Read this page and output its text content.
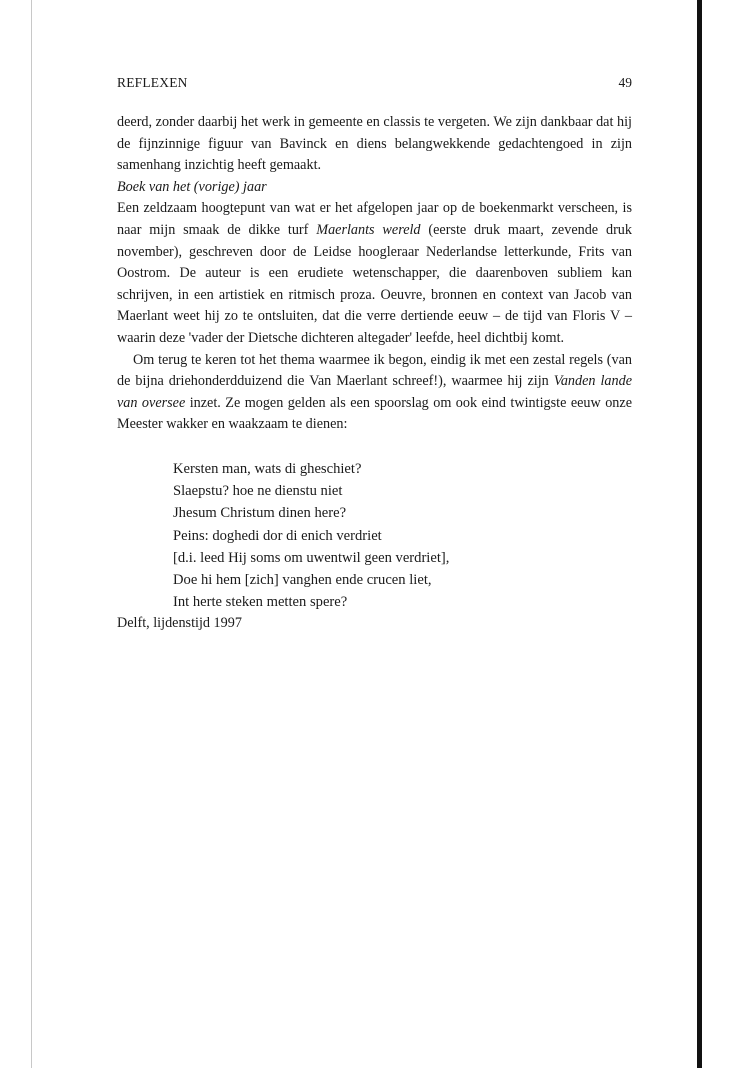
REFLEXEN	49

deerd, zonder daarbij het werk in gemeente en classis te vergeten. We zijn dankbaar dat hij de fijnzinnige figuur van Bavinck en diens belangwekkende gedachtengoed in zijn samenhang inzichtig heeft gemaakt.

Boek van het (vorige) jaar

Een zeldzaam hoogtepunt van wat er het afgelopen jaar op de boekenmarkt verscheen, is naar mijn smaak de dikke turf Maerlants wereld (eerste druk maart, zevende druk november), geschreven door de Leidse hoogleraar Nederlandse letterkunde, Frits van Oostrom. De auteur is een erudiete wetenschapper, die daarenboven subliem kan schrijven, in een artistiek en ritmisch proza. Oeuvre, bronnen en context van Jacob van Maerlant weet hij zo te ontsluiten, dat die verre dertiende eeuw – de tijd van Floris V – waarin deze 'vader der Dietsche dichteren altegader' leefde, heel dichtbij komt.

Om terug te keren tot het thema waarmee ik begon, eindig ik met een zestal regels (van de bijna driehonderdduizend die Van Maerlant schreef!), waarmee hij zijn Vanden lande van oversee inzet. Ze mogen gelden als een spoorslag om ook eind twintigste eeuw onze Meester wakker en waakzaam te dienen:

Kersten man, wats di gheschiet?
Slaepstu? hoe ne dienstu niet
Jhesum Christum dinen here?
Peins: doghedi dor di enich verdriet
[d.i. leed Hij soms om uwentwil geen verdriet],
Doe hi hem [zich] vanghen ende crucen liet,
Int herte steken metten spere?

Delft, lijdenstijd 1997
